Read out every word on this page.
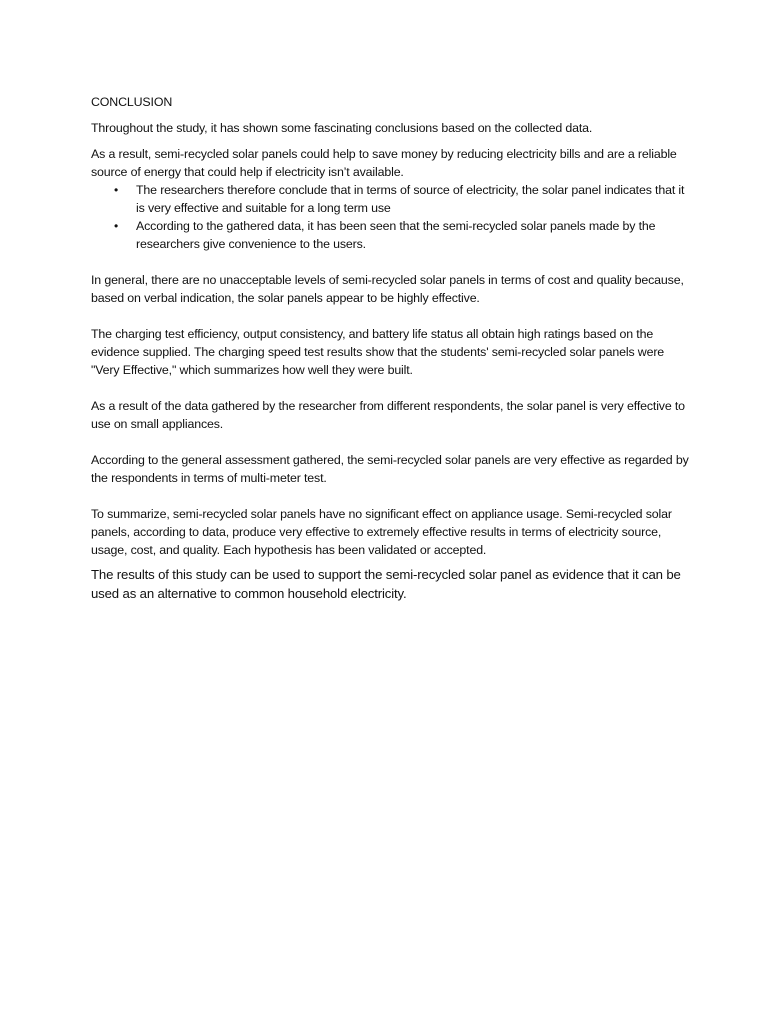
CONCLUSION

Throughout the study, it has shown some fascinating conclusions based on the collected data.

As a result, semi-recycled solar panels could help to save money by reducing electricity bills and are a reliable source of energy that could help if electricity isn’t available.

• The researchers therefore conclude that in terms of source of electricity, the solar panel indicates that it is very effective and suitable for a long term use
• According to the gathered data, it has been seen that the semi-recycled solar panels made by the researchers give convenience to the users.

In general, there are no unacceptable levels of semi-recycled solar panels in terms of cost and quality because, based on verbal indication, the solar panels appear to be highly effective.

The charging test efficiency, output consistency, and battery life status all obtain high ratings based on the evidence supplied. The charging speed test results show that the students' semi-recycled solar panels were "Very Effective," which summarizes how well they were built.

As a result of the data gathered by the researcher from different respondents, the solar panel is very effective to use on small appliances.

According to the general assessment gathered, the semi-recycled solar panels are very effective as regarded by the respondents in terms of multi-meter test.

To summarize, semi-recycled solar panels have no significant effect on appliance usage. Semi-recycled solar panels, according to data, produce very effective to extremely effective results in terms of electricity source, usage, cost, and quality. Each hypothesis has been validated or accepted.

The results of this study can be used to support the semi-recycled solar panel as evidence that it can be used as an alternative to common household electricity.
